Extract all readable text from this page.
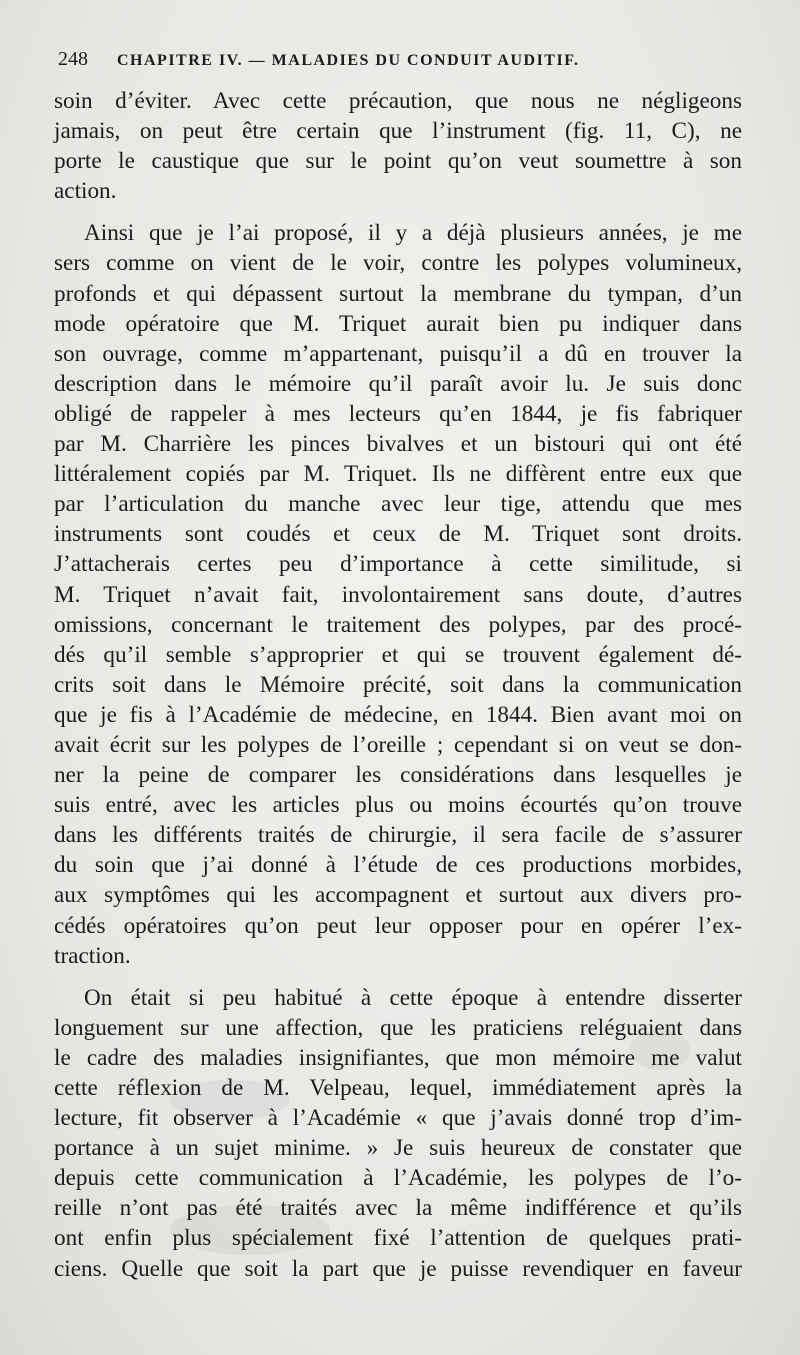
248 CHAPITRE IV. — MALADIES DU CONDUIT AUDITIF.
soin d’éviter. Avec cette précaution, que nous ne négligeons
jamais, on peut être certain que l’instrument (fig. 11, C), ne
porte le caustique que sur le point qu’on veut soumettre à son
action.
Ainsi que je l’ai proposé, il y a déjà plusieurs années, je me
sers comme on vient de le voir, contre les polypes volumineux,
profonds et qui dépassent surtout la membrane du tympan, d’un
mode opératoire que M. Triquet aurait bien pu indiquer dans
son ouvrage, comme m’appartenant, puisqu’il a dû en trouver la
description dans le mémoire qu’il paraît avoir lu. Je suis donc
obligé de rappeler à mes lecteurs qu’en 1844, je fis fabriquer
par M. Charrière les pinces bivalves et un bistouri qui ont été
littéralement copiés par M. Triquet. Ils ne diffèrent entre eux que
par l’articulation du manche avec leur tige, attendu que mes
instruments sont coudés et ceux de M. Triquet sont droits.
J’attacherais certes peu d’importance à cette similitude, si
M. Triquet n’avait fait, involontairement sans doute, d’autres
omissions, concernant le traitement des polypes, par des procé-
dés qu’il semble s’approprier et qui se trouvent également dé-
crits soit dans le Mémoire précité, soit dans la communication
que je fis à l’Académie de médecine, en 1844. Bien avant moi on
avait écrit sur les polypes de l’oreille ; cependant si on veut se don-
ner la peine de comparer les considérations dans lesquelles je
suis entré, avec les articles plus ou moins écourtés qu’on trouve
dans les différents traités de chirurgie, il sera facile de s’assurer
du soin que j’ai donné à l’étude de ces productions morbides,
aux symptômes qui les accompagnent et surtout aux divers pro-
cédés opératoires qu’on peut leur opposer pour en opérer l’ex-
traction.
On était si peu habitué à cette époque à entendre disserter
longuement sur une affection, que les praticiens reléguaient dans
le cadre des maladies insignifiantes, que mon mémoire me valut
cette réflexion de M. Velpeau, lequel, immédiatement après la
lecture, fit observer à l’Académie « que j’avais donné trop d’im-
portance à un sujet minime. » Je suis heureux de constater que
depuis cette communication à l’Académie, les polypes de l’o-
reille n’ont pas été traités avec la même indifférence et qu’ils
ont enfin plus spécialement fixé l’attention de quelques prati-
ciens. Quelle que soit la part que je puisse revendiquer en faveur
